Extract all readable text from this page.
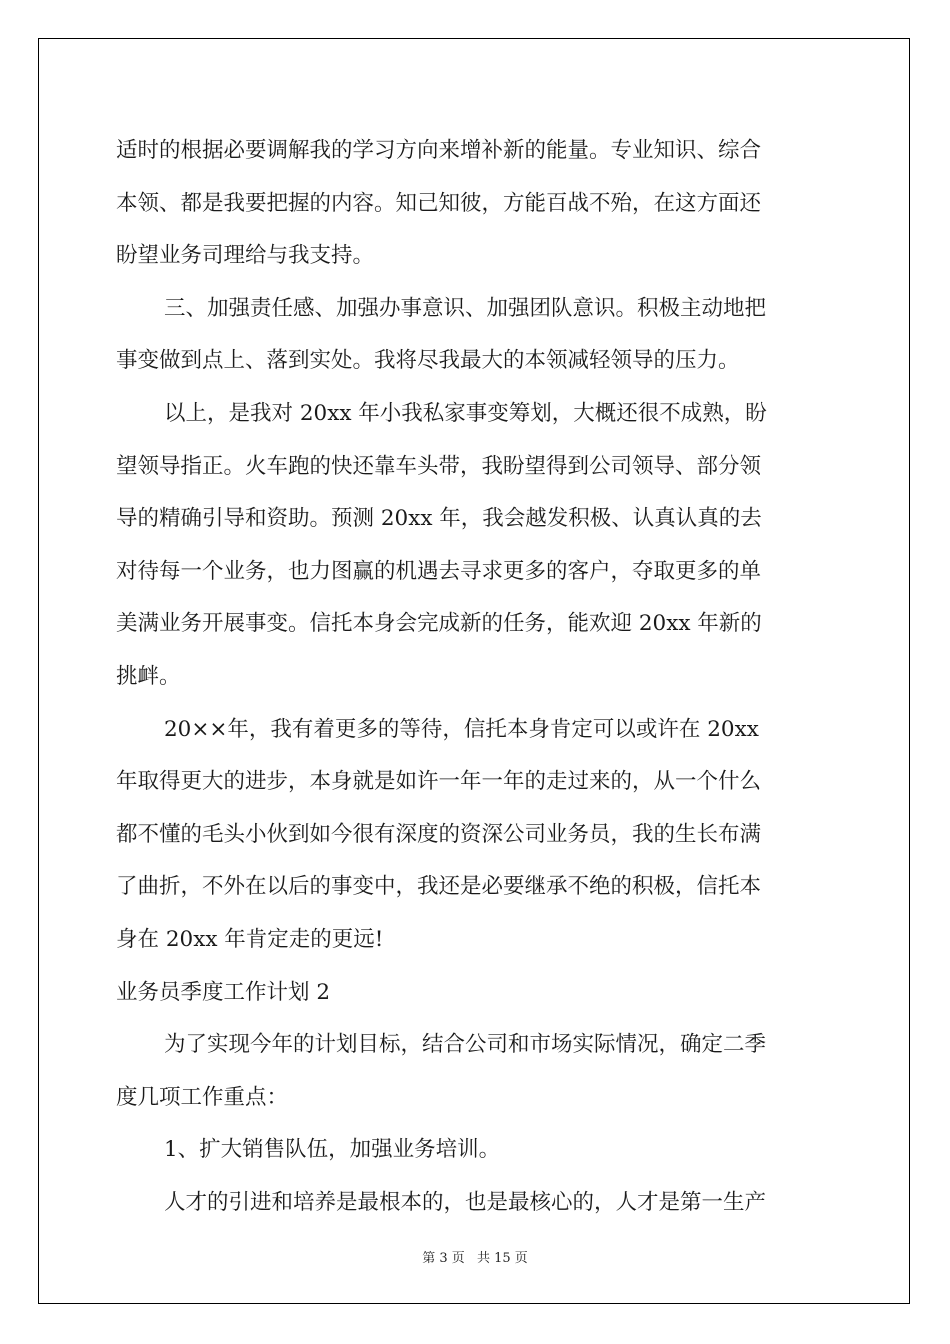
适时的根据必要调解我的学习方向来增补新的能量。专业知识、综合

本领、都是我要把握的内容。知己知彼，方能百战不殆，在这方面还

盼望业务司理给与我支持。

三、加强责任感、加强办事意识、加强团队意识。积极主动地把

事变做到点上、落到实处。我将尽我最大的本领减轻领导的压力。

以上，是我对 20xx 年小我私家事变筹划，大概还很不成熟，盼

望领导指正。火车跑的快还靠车头带，我盼望得到公司领导、部分领

导的精确引导和资助。预测 20xx 年，我会越发积极、认真认真的去

对待每一个业务，也力图赢的机遇去寻求更多的客户，夺取更多的单

美满业务开展事变。信托本身会完成新的任务，能欢迎 20xx 年新的

挑衅。

20××年，我有着更多的等待，信托本身肯定可以或许在 20xx

年取得更大的进步，本身就是如许一年一年的走过来的，从一个什么

都不懂的毛头小伙到如今很有深度的资深公司业务员，我的生长布满

了曲折，不外在以后的事变中，我还是必要继承不绝的积极，信托本

身在 20xx 年肯定走的更远!

业务员季度工作计划 2

为了实现今年的计划目标，结合公司和市场实际情况，确定二季

度几项工作重点：

1、扩大销售队伍，加强业务培训。

人才的引进和培养是最根本的，也是最核心的，人才是第一生产

第 3 页 共 15 页
